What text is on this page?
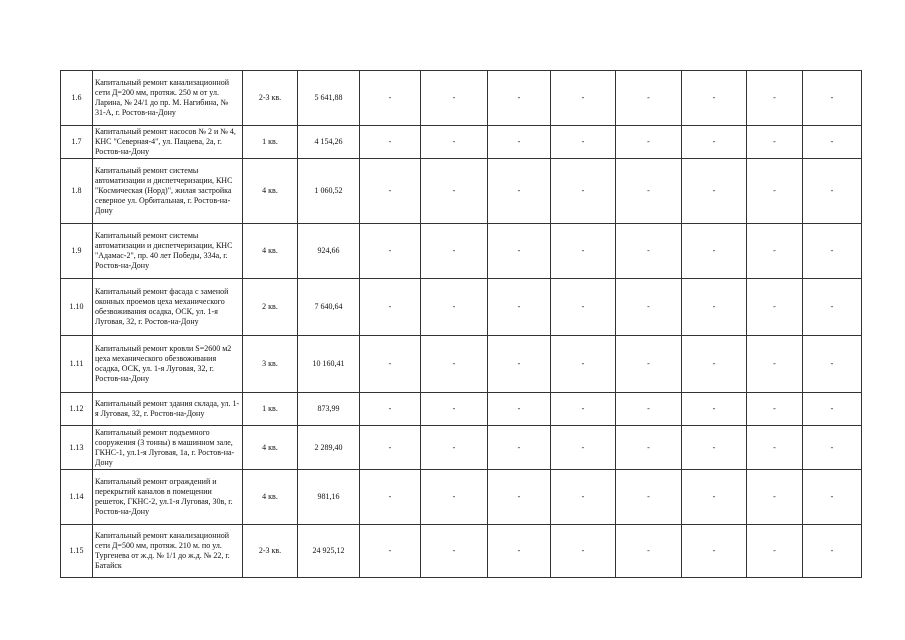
1.6	Капитальный ремонт канализационной сети Д=200 мм, протяж. 250 м от ул. Ларина, № 24/1 до пр. М. Нагибина, № 31-А, г. Ростов-на-Дону	2-3 кв.	5 641,88	-	-	-	-	-	-	-	-
1.7	Капитальный ремонт насосов № 2 и № 4, КНС "Северная-4", ул. Пацаева, 2а, г. Ростов-на-Дону	1 кв.	4 154,26	-	-	-	-	-	-	-	-
1.8	Капитальный ремонт системы автоматизации и диспетчеризации, КНС "Космическая (Норд)", жилая застройка северное ул. Орбитальная, г. Ростов-на-Дону	4 кв.	1 060,52	-	-	-	-	-	-	-	-
1.9	Капитальный ремонт системы автоматизации и диспетчеризации, КНС "Адамас-2", пр. 40 лет Победы, 334а, г. Ростов-на-Дону	4 кв.	924,66	-	-	-	-	-	-	-	-
1.10	Капитальный ремонт фасада с заменой оконных проемов цеха механического обезвоживания осадка, ОСК, ул. 1-я Луговая, 32, г. Ростов-на-Дону	2 кв.	7 640,64	-	-	-	-	-	-	-	-
1.11	Капитальный ремонт кровли S=2600 м2 цеха механического обезвоживания осадка, ОСК, ул. 1-я Луговая, 32, г. Ростов-на-Дону	3 кв.	10 160,41	-	-	-	-	-	-	-	-
1.12	Капитальный ремонт здания склада, ул. 1-я Луговая, 32, г. Ростов-на-Дону	1 кв.	873,99	-	-	-	-	-	-	-	-
1.13	Капитальный ремонт подъемного сооружения (3 тонны) в машинном зале, ГКНС-1, ул.1-я Луговая, 1а, г. Ростов-на-Дону	4 кв.	2 289,40	-	-	-	-	-	-	-	-
1.14	Капитальный ремонт ограждений и перекрытий каналов в помещении решеток, ГКНС-2, ул.1-я Луговая, 30в, г. Ростов-на-Дону	4 кв.	981,16	-	-	-	-	-	-	-	-
1.15	Капитальный ремонт канализационной сети Д=500 мм, протяж. 210 м. по ул. Тургенева от ж.д. № 1/1 до ж.д. № 22, г. Батайск	2-3 кв.	24 925,12	-	-	-	-	-	-	-	-
